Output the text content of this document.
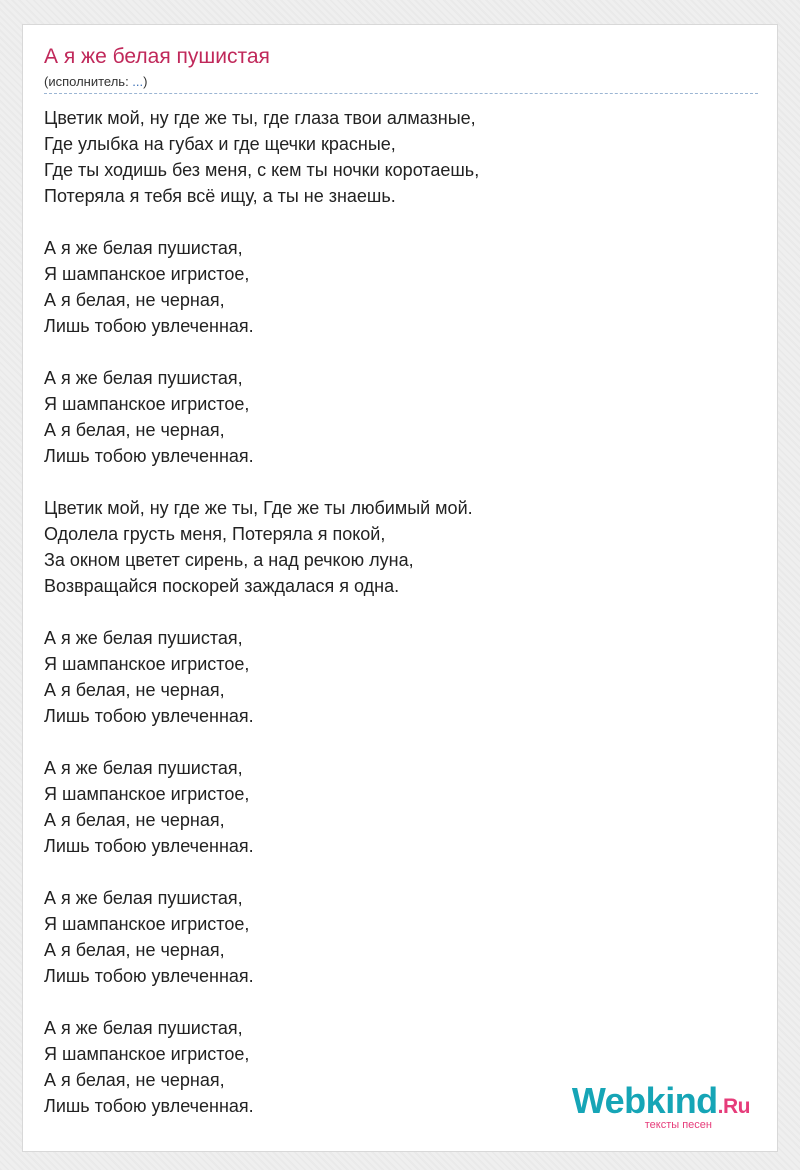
А я же белая пушистая
(исполнитель: ...)
Цветик мой, ну где же ты, где глаза твои алмазные,
Где улыбка на губах и где щечки красные,
Где ты ходишь без меня, с кем ты ночки коротаешь,
Потеряла я тебя всё ищу, а ты не знаешь.
А я же белая пушистая,
Я шампанское игристое,
А я белая, не черная,
Лишь тобою увлеченная.
А я же белая пушистая,
Я шампанское игристое,
А я белая, не черная,
Лишь тобою увлеченная.
Цветик мой, ну где же ты, Где же ты любимый мой.
Одолела грусть меня, Потеряла я покой,
За окном цветет сирень, а над речкою луна,
Возвращайся поскорей заждалася я одна.
А я же белая пушистая,
Я шампанское игристое,
А я белая, не черная,
Лишь тобою увлеченная.
А я же белая пушистая,
Я шампанское игристое,
А я белая, не черная,
Лишь тобою увлеченная.
А я же белая пушистая,
Я шампанское игристое,
А я белая, не черная,
Лишь тобою увлеченная.
А я же белая пушистая,
Я шампанское игристое,
А я белая, не черная,
Лишь тобою увлеченная.	Webkind.Ru
тексты песен
